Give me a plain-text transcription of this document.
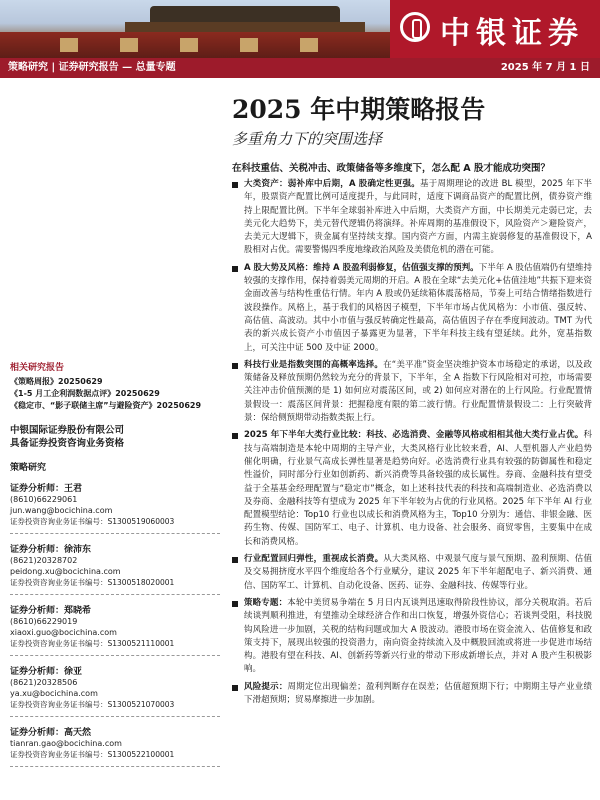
中银证券
策略研究 | 证券研究报告 — 总量专题	2025 年 7 月 1 日
2025 年中期策略报告
多重角力下的突围选择
在科技重估、关税冲击、政策储备等多维度下，怎么配 A 股才能成功突围？
大类资产：弱补库中后期，A 股确定性更强。基于周期理论的改进 BL 模型，2025 年下半年，股票资产配置比例可适度提升，与此同时，适度下调商品资产的配置比例，债券资产维持上限配置比例。下半年全球弱补库进入中后期，大类资产方面，中长期美元走弱已定，去美元化大趋势下，美元替代逻辑仍将演绎。补库周期的基准假设下，风险资产＞避险资产，去美元大逻辑下，贵金属有坚持续支撑。国内资产方面，内需主旋弱修复的基准假设下，A 股相对占优。需要警惕四季度地缘政治风险及美债危机的潜在可能。
A 股大势及风格：维持 A 股盈利弱修复，估值强支撑的预判。下半年 A 股估值端仍有望维持较强的支撑作用，保持着弱美元周期的开启。A 股在全球“去美元化+估值洼地”共振下迎来资金面改善与结构性重估行情。年内 A 股或仍延续箱体震荡格局，节奏上可结合情绪指数进行波段操作。风格上，基于我们的风格因子模型，下半年市场占优风格为：小市值、强反转、高估值、高波动。其中小市值与强反转确定性最高，高估值因子存在季度间波动。TMT 为代表的新兴成长资产小市值因子暴露更为显著，下半年科技主线有望延续。此外，宽基指数上，可关注中证 500 及中证 2000。
科技行业是指数突围的高概率选择。在“美平准”资金坚决维护资本市场稳定的承诺，以及政策储备及释放预期仍然较为充分的背景下，下半年，全 A 指数下行风险相对可控，市场需要关注冲击价值预测的是 1) 如何应对震荡区间，或 2) 如何应对潜在的上行风险。行业配置情景假设一：震荡区间背景：把握稳度有限的第二波行情。行业配置情景假设二：上行突破背景：保给侧预期带动指数类振上行。
2025 年下半年大类行业比较：科技、必选消费、金融等风格或相相其他大类行业占优。科技与高端制造是本轮中周期的主导产业，大类风格行业比较来看，AI、人型机器人产业趋势催化明确，行业景气高成长弹性显著是趋势向好。必选消费行业具有较强的防御属性和稳定性溢价，同时部分行业如创新药、新兴消费等具备较强的成长属性。券商、金融科技有望受益于全基基金经理配置与“稳定市”概念，如上述科技代表的科技和高端制造业、必选消费以及券商、金融科技等有望成为 2025 年下半年较为占优的行业风格。2025 年下半年 AI 行业配置模型结论：Top10 行业也以成长和消费风格为主，Top10 分别为：通信、非银金融、医药生物、传媒、国防军工、电子、计算机、电力设备、社会服务、商贸零售，主要集中在成长和消费风格。
行业配置回归弹性，重视成长消费。从大类风格、中观景气度与景气预期、盈利预期、估值及交易拥挤度水平四个维度给各个行业赋分，建议 2025 年下半年超配电子、新兴消费、通信、国防军工、计算机、自动化设备、医药、证券、金融科技、传媒等行业。
策略专题：本轮中美贸易争端在 5 月日内瓦谈判迅速取得阶段性协议，部分关税取消。若后续谈判顺利推进，有望推动全球经济合作和出口恢复，增强外资信心；若谈判受阻，科技脱钩风险进一步加剧，关税的结构问题或加大 A 股波动。港股市场在资金流入、估值修复和政策支持下，展现出较强的投资潜力，南向资金持续流入及中概股回流或将进一步促进市场结构。港股有望在科技、AI、创新药等新兴行业的带动下形成新增长点，并对 A 股产生积极影响。
风险提示：周期定位出现偏差；盈利判断存在误差；估值超预期下行；中期期主导产业业绩下滑超预期；贸易摩擦进一步加剧。
相关研究报告
《策略周报》20250629
《1-5 月工企利润数据点评》20250629
《稳定市、“影子联储主席”与避险资产》20250629
中银国际证券股份有限公司
具备证券投资咨询业务资格
策略研究
证券分析师：王君
(8610)66229061
jun.wang@bocichina.com
证券投资咨询业务证书编号：S1300519060003
证券分析师：徐沛东
(8621)20328702
peidong.xu@bocichina.com
证券投资咨询业务证书编号：S1300518020001
证券分析师：郑晓希
(8610)66229019
xiaoxi.guo@bocichina.com
证券投资咨询业务证书编号：S1300521110001
证券分析师：徐亚
(8621)20328506
ya.xu@bocichina.com
证券投资咨询业务证书编号：S1300521070003
证券分析师：高天然
tianran.gao@bocichina.com
证券投资咨询业务证书编号：S1300522100001
